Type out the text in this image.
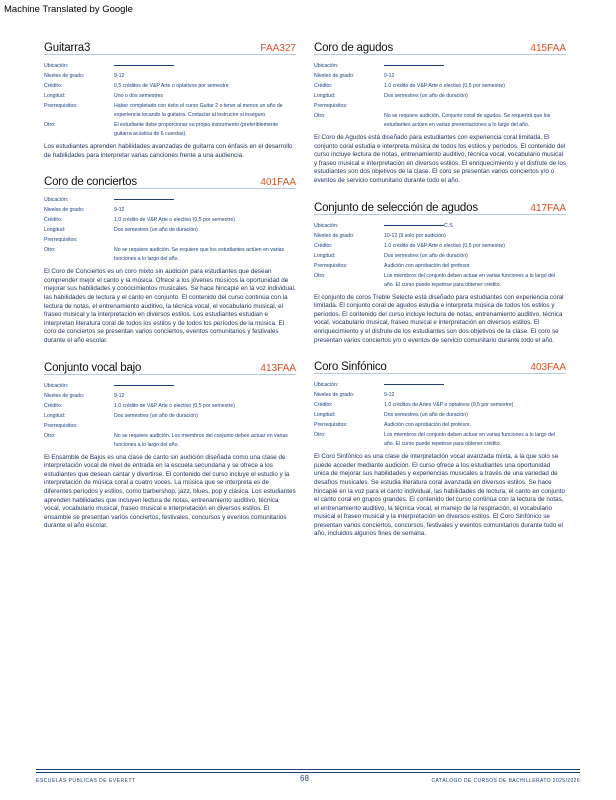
Machine Translated by Google
Guitarra3	FAA327
Ubicación:
Niveles de grado:	9-12
Crédito:	0,5 créditos de V&P Arte o optativos por semestre
Longitud:	Uno o dos semestres
Prerrequisitos:	Haber completado con éxito el curso Guitar 2 o tener al menos un año de experiencia tocando la guitarra. Contactar al instructor si inseguro.
Otro:	El estudiante debe proporcionar su propio instrumento (preferiblemente guitarra acústica de 6 cuerdas).
Los estudiantes aprenden habilidades avanzadas de guitarra con énfasis en el desarrollo de habilidades para interpretar varias canciones frente a una audiencia.
Coro de conciertos	401FAA
Ubicación:
Niveles de grado:	9-12
Crédito:	1.0 crédito de V&P Arte o electivo (0,5 por semestre)
Longitud:	Dos semestres (un año de duración)
Prerrequisitos:
Otro:	No se requiere audición. Se requiere que los estudiantes actúen en varias funciones a lo largo del año.
El Coro de Conciertos es un coro mixto sin audición para estudiantes que desean comprender mejor el canto y la música. Ofrece a los jóvenes músicos la oportunidad de mejorar sus habilidades y conocimientos musicales. Se hace hincapié en la voz individual, las habilidades de lectura y el canto en conjunto. El contenido del curso continúa con la lectura de notas, el entrenamiento auditivo, la técnica vocal, el vocabulario musical, el fraseo musical y la interpretación en diversos estilos. Los estudiantes estudian e interpretan literatura coral de todos los estilos y de todos los períodos de la música. El coro de conciertos se presentan varios conciertos, eventos comunitarios y festivales durante el año escolar.
Conjunto vocal bajo	413FAA
Ubicación:
Niveles de grado:	9-12
Crédito:	1.0 crédito de V&P Arte o electivo (0,5 por semestre)
Longitud:	Dos semestres (un año de duración)
Prerrequisitos:
Otro:	No se requiere audición. Los miembros del conjunto deben actuar en varias funciones a lo largo del año.
El Ensamble de Bajos es una clase de canto sin audición diseñada como una clase de interpretación vocal de nivel de entrada en la escuela secundaria y se ofrece a los estudiantes que desean cantar y divertirse. El contenido del curso incluye el estudio y la interpretación de música coral a cuatro voces. La música que se interpreta es de diferentes períodos y estilos, como barbershop, jazz, blues, pop y clásica. Los estudiantes aprenden habilidades que incluyen lectura de notas, entrenamiento auditivo, técnica vocal, vocabulario musical, fraseo musical e interpretación en diversos estilos. El ensamble se presentan varios conciertos, festivales, concursos y eventos comunitarios durante el año escolar.
Coro de agudos	415FAA
Ubicación:
Niveles de grado:	9-12
Crédito:	1.0 crédito de V&P Arte o electivo (0,5 por semestre)
Longitud:	Dos semestres (un año de duración)
Prerrequisitos:
Otro:	No se requiere audición. Conjunto coral de agudos. Se requerirá que los estudiantes actúen en varias presentaciones a lo largo del año.
El Coro de Agudos está diseñado para estudiantes con experiencia coral limitada. El conjunto coral estudia e interpreta música de todos los estilos y períodos. El contenido del curso incluye lectura de notas, entrenamiento auditivo, técnica vocal, vocabulario musical y fraseo musical e interpretación en diversos estilos. El enriquecimiento y el disfrute de los estudiantes son dos objetivos de la clase. El coro se presentan varios conciertos y/o o eventos de servicio comunitario durante todo el año.
Conjunto de selección de agudos	417FAA
Ubicación:	C.S.
Niveles de grado:	10-12 (9 solo por audición)
Crédito:	1.0 crédito de V&P Arte o electivo (0,5 por semestre)
Longitud:	Dos semestres (un año de duración)
Prerrequisitos:	Audición con aprobación del profesor.
Otro:	Los miembros del conjunto deben actuar en varias funciones a lo largo del año. El curso puede repetirse para obtener crédito.
El conjunto de coros Treble Selecte está diseñado para estudiantes con experiencia coral limitada. El conjunto coral de agudos estudia e interpreta música de todos los estilos y períodos. El contenido del curso incluye lectura de notas, entrenamiento auditivo, técnica vocal, vocabulario musical, fraseo musical e interpretación en diversos estilos. El enriquecimiento y el disfrute de los estudiantes son dos objetivos de la clase. El coro se presentan varios conciertos y/o o eventos de servicio comunitario durante todo el año.
Coro Sinfónico	403FAA
Ubicación:
Niveles de grado:	9-12
Crédito:	1.0 créditos de Artes V&P o optativos (0,5 por semestre)
Longitud:	Dos semestres (un año de duración)
Prerrequisitos:	Audición con aprobación del profesor.
Otro:	Los miembros del conjunto deben actuar en varias funciones a lo largo del año. El curso puede repetirse para obtener crédito.
El Coro Sinfónico es una clase de interpretación vocal avanzada mixta, a la que solo se puede acceder mediante audición. El curso ofrece a los estudiantes una oportunidad única de mejorar sus habilidades y experiencias musicales a través de una variedad de desafíos musicales. Se estudia literatura coral avanzada en diversos estilos. Se hace hincapié en la voz para el canto individual, las habilidades de lectura, el canto en conjunto el canto coral en grupos grandes. El contenido del curso continúa con la lectura de notas, el entrenamiento auditivo, la técnica vocal, el manejo de la respiración, el vocabulario musical el fraseo musical y la interpretación en diversos estilos. El Coro Sinfónico se presentan varios conciertos, concursos, festivales y eventos comunitarios durante todo el año, incluidos algunos fines de semana.
ESCUELAS PÚBLICAS DE EVERETT	68	CATÁLOGO DE CURSOS DE BACHILLERATO 2025/2026
